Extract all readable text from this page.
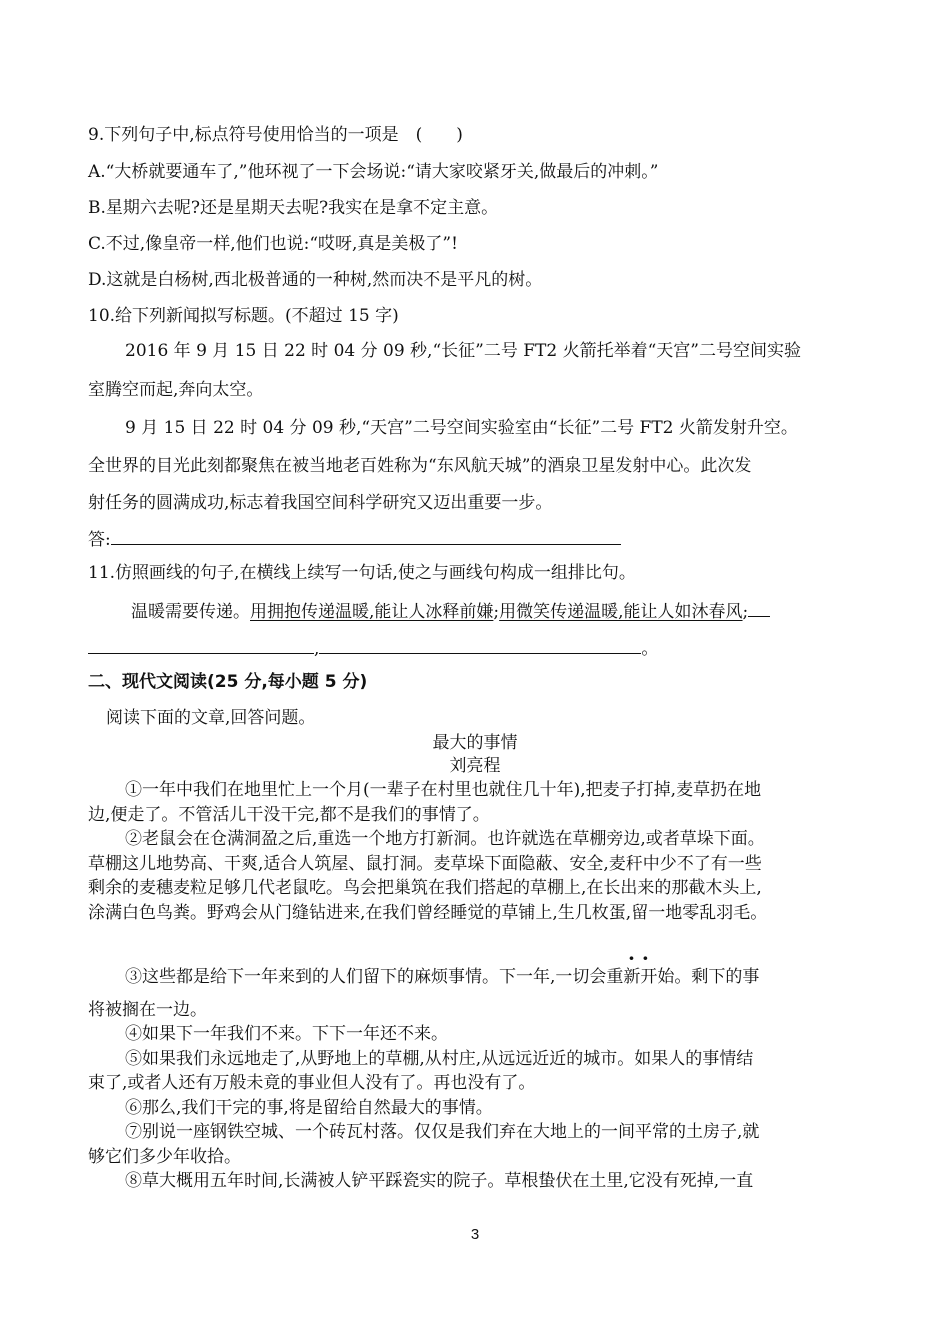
9.下列句子中,标点符号使用恰当的一项是　(　　)
A.“大桥就要通车了,”他环视了一下会场说:“请大家咬紧牙关,做最后的冲刺。”
B.星期六去呢?还是星期天去呢?我实在是拿不定主意。
C.不过,像皇帝一样,他们也说:“哎呀,真是美极了”!
D.这就是白杨树,西北极普通的一种树,然而决不是平凡的树。
10.给下列新闻拟写标题。(不超过 15 字)
2016 年 9 月 15 日 22 时 04 分 09 秒,“长征”二号 FT2 火箭托举着“天宫”二号空间实验
室腾空而起,奔向太空。
9 月 15 日 22 时 04 分 09 秒,“天宫”二号空间实验室由“长征”二号 FT2 火箭发射升空。
全世界的目光此刻都聚焦在被当地老百姓称为“东风航天城”的酒泉卫星发射中心。此次发
射任务的圆满成功,标志着我国空间科学研究又迈出重要一步。
答:
11.仿照画线的句子,在横线上续写一句话,使之与画线句构成一组排比句。
温暖需要传递。用拥抱传递温暖,能让人冰释前嫌;用微笑传递温暖,能让人如沐春风;
,	。
二、现代文阅读(25 分,每小题 5 分)
阅读下面的文章,回答问题。
最大的事情
刘亮程
①一年中我们在地里忙上一个月(一辈子在村里也就住几十年),把麦子打掉,麦草扔在地
边,便走了。不管活儿干没干完,都不是我们的事情了。
②老鼠会在仓满洞盈之后,重选一个地方打新洞。也许就选在草棚旁边,或者草垛下面。
草棚这儿地势高、干爽,适合人筑屋、鼠打洞。麦草垛下面隐蔽、安全,麦秆中少不了有一些
剩余的麦穗麦粒足够几代老鼠吃。鸟会把巢筑在我们搭起的草棚上,在长出来的那截木头上,
涂满白色鸟粪。野鸡会从门缝钻进来,在我们曾经睡觉的草铺上,生几枚蛋,留一地零乱羽毛。
· ·
③这些都是给下一年来到的人们留下的麻烦事情。下一年,一切会重新开始。剩下的事
将被搁在一边。
④如果下一年我们不来。下下一年还不来。
⑤如果我们永远地走了,从野地上的草棚,从村庄,从远远近近的城市。如果人的事情结
束了,或者人还有万般未竟的事业但人没有了。再也没有了。
⑥那么,我们干完的事,将是留给自然最大的事情。
⑦别说一座钢铁空城、一个砖瓦村落。仅仅是我们弃在大地上的一间平常的土房子,就
够它们多少年收拾。
⑧草大概用五年时间,长满被人铲平踩瓷实的院子。草根蛰伏在土里,它没有死掉,一直
3
